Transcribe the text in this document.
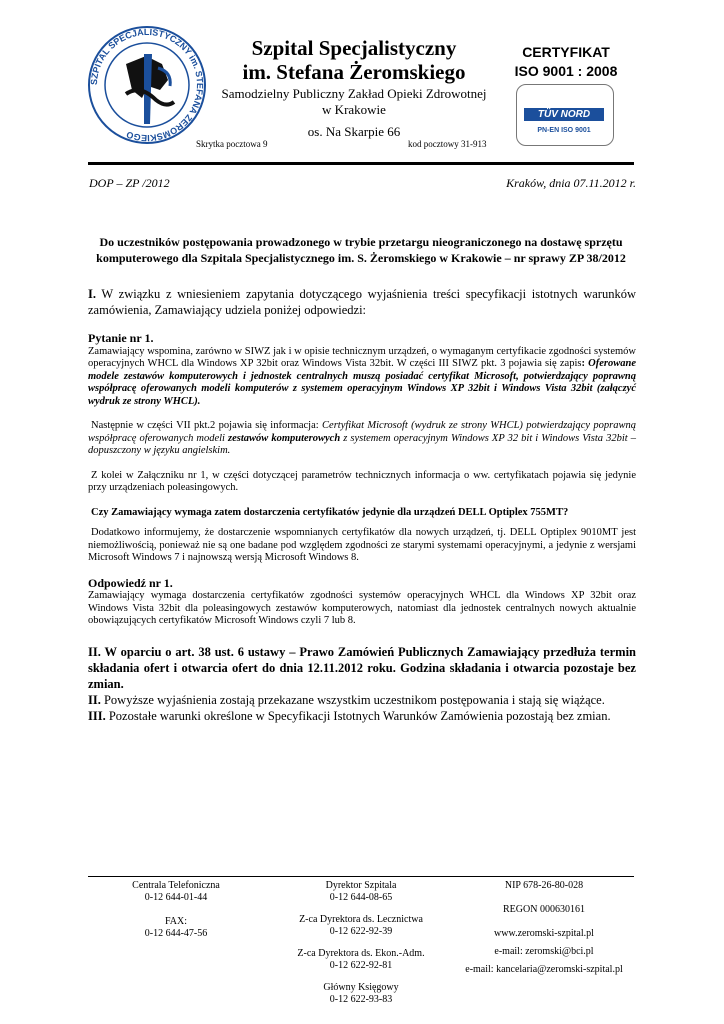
SZPITAL SPECJALISTYCZNY im. STEFANA ŻEROMSKIEGO
Szpital Specjalistyczny
im. Stefana Żeromskiego
Samodzielny Publiczny Zakład Opieki Zdrowotnej
w Krakowie
os. Na Skarpie 66
Skrytka pocztowa 9	kod pocztowy 31-913
CERTYFIKAT
ISO 9001 : 2008
TÜV NORD
PN-EN ISO 9001
DOP – ZP /2012	Kraków, dnia 07.11.2012 r.
Do uczestników postępowania prowadzonego w trybie przetargu nieograniczonego na dostawę sprzętu komputerowego dla Szpitala Specjalistycznego im. S. Żeromskiego w Krakowie – nr sprawy ZP 38/2012

I. W związku z wniesieniem zapytania dotyczącego wyjaśnienia treści specyfikacji istotnych warunków zamówienia, Zamawiający udziela poniżej odpowiedzi:

Pytanie nr 1.

Zamawiający wspomina, zarówno w SIWZ jak i w opisie technicznym urządzeń, o wymaganym certyfikacie zgodności systemów operacyjnych WHCL dla Windows XP 32bit oraz Windows Vista 32bit. W części III SIWZ pkt. 3 pojawia się zapis: Oferowane modele zestawów komputerowych i jednostek centralnych muszą posiadać certyfikat Microsoft, potwierdzający poprawną współpracę oferowanych modeli komputerów z systemem operacyjnym Windows XP 32bit i Windows Vista 32bit (załączyć wydruk ze strony WHCL).

Następnie w części VII pkt.2 pojawia się informacja: Certyfikat Microsoft (wydruk ze strony WHCL) potwierdzający poprawną współpracę oferowanych modeli zestawów komputerowych z systemem operacyjnym Windows XP 32 bit i Windows Vista 32bit – dopuszczony w języku angielskim.

Z kolei w Załączniku nr 1, w części dotyczącej parametrów technicznych informacja o ww. certyfikatach pojawia się jedynie przy urządzeniach poleasingowych.

Czy Zamawiający wymaga zatem dostarczenia certyfikatów jedynie dla urządzeń DELL Optiplex 755MT?

Dodatkowo informujemy, że dostarczenie wspomnianych certyfikatów dla nowych urządzeń, tj. DELL Optiplex 9010MT jest niemożliwością, ponieważ nie są one badane pod względem zgodności ze starymi systemami operacyjnymi, a jedynie z wersjami Microsoft Windows 7 i najnowszą wersją Microsoft Windows 8.

Odpowiedź nr 1.

Zamawiający wymaga dostarczenia certyfikatów zgodności systemów operacyjnych WHCL dla Windows XP 32bit oraz Windows Vista 32bit dla poleasingowych zestawów komputerowych, natomiast dla jednostek centralnych nowych aktualnie obowiązujących certyfikatów Microsoft Windows czyli 7 lub 8.

II. W oparciu o art. 38 ust. 6 ustawy – Prawo Zamówień Publicznych Zamawiający przedłuża termin składania ofert i otwarcia ofert do dnia 12.11.2012 roku. Godzina składania i otwarcia pozostaje bez zmian.

II. Powyższe wyjaśnienia zostają przekazane wszystkim uczestnikom postępowania i stają się wiążące.

III. Pozostałe warunki określone w Specyfikacji Istotnych Warunków Zamówienia pozostają bez zmian.

Centrala Telefoniczna
0-12 644-01-44
FAX:
0-12 644-47-56
Dyrektor Szpitala
0-12 644-08-65
Z-ca Dyrektora ds. Lecznictwa
0-12 622-92-39
Z-ca Dyrektora ds. Ekon.-Adm.
0-12 622-92-81
Główny Księgowy
0-12 622-93-83
NIP 678-26-80-028
REGON 000630161
www.zeromski-szpital.pl
e-mail: zeromski@bci.pl
e-mail: kancelaria@zeromski-szpital.pl
